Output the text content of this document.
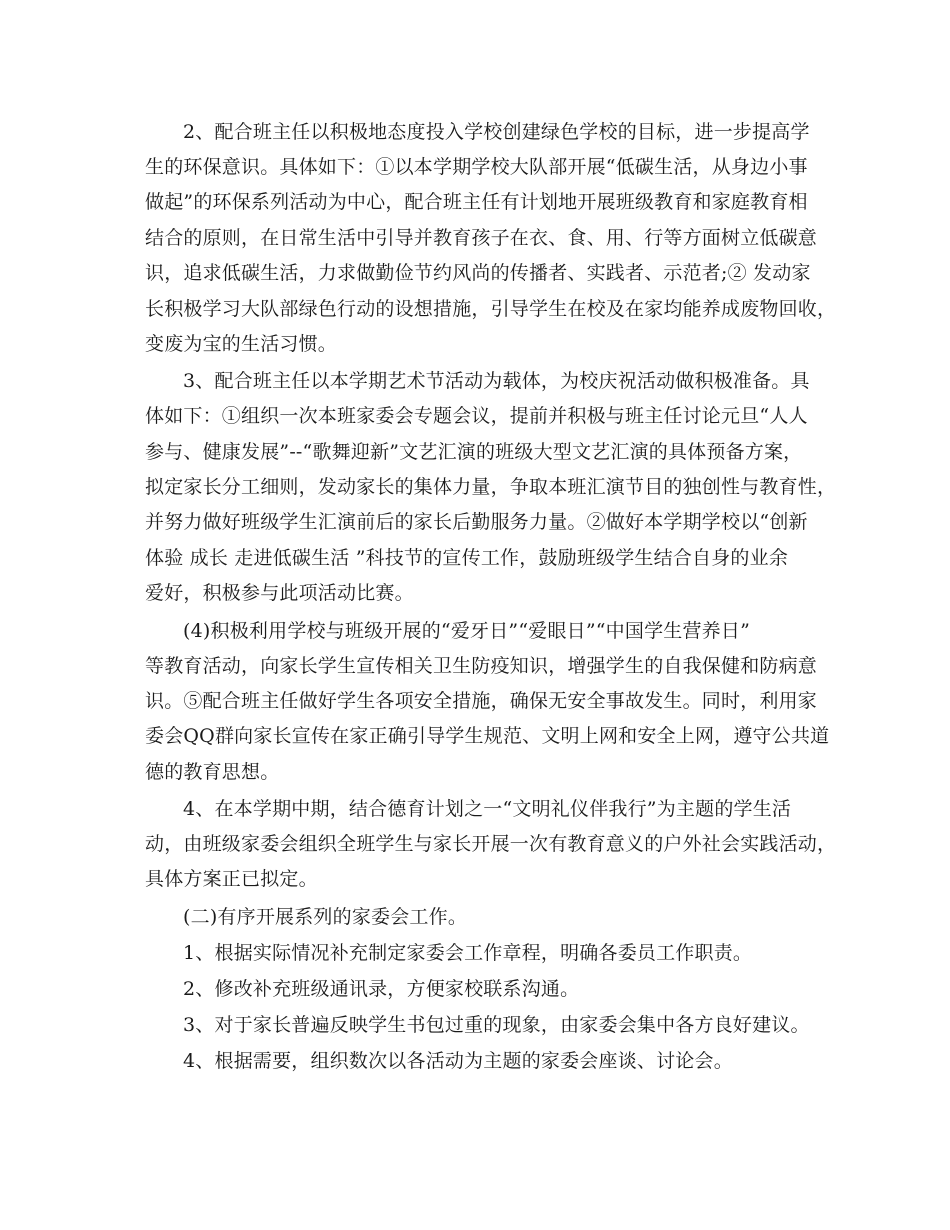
2、配合班主任以积极地态度投入学校创建绿色学校的目标，进一步提高学
生的环保意识。具体如下：①以本学期学校大队部开展“低碳生活，从身边小事
做起”的环保系列活动为中心，配合班主任有计划地开展班级教育和家庭教育相
结合的原则，在日常生活中引导并教育孩子在衣、食、用、行等方面树立低碳意
识，追求低碳生活，力求做勤俭节约风尚的传播者、实践者、示范者;② 发动家
长积极学习大队部绿色行动的设想措施，引导学生在校及在家均能养成废物回收，
变废为宝的生活习惯。
3、配合班主任以本学期艺术节活动为载体，为校庆祝活动做积极准备。具
体如下：①组织一次本班家委会专题会议，提前并积极与班主任讨论元旦“人人
参与、健康发展”--“歌舞迎新”文艺汇演的班级大型文艺汇演的具体预备方案，
拟定家长分工细则，发动家长的集体力量，争取本班汇演节目的独创性与教育性，
并努力做好班级学生汇演前后的家长后勤服务力量。②做好本学期学校以“创新
体验 成长 走进低碳生活 ”科技节的宣传工作，鼓励班级学生结合自身的业余
爱好，积极参与此项活动比赛。
(4)积极利用学校与班级开展的“爱牙日”“爱眼日”“中国学生营养日”
等教育活动，向家长学生宣传相关卫生防疫知识，增强学生的自我保健和防病意
识。⑤配合班主任做好学生各项安全措施，确保无安全事故发生。同时，利用家
委会QQ群向家长宣传在家正确引导学生规范、文明上网和安全上网，遵守公共道
德的教育思想。
4、在本学期中期，结合德育计划之一“文明礼仪伴我行”为主题的学生活
动，由班级家委会组织全班学生与家长开展一次有教育意义的户外社会实践活动，
具体方案正已拟定。
(二)有序开展系列的家委会工作。
1、根据实际情况补充制定家委会工作章程，明确各委员工作职责。
2、修改补充班级通讯录，方便家校联系沟通。
3、对于家长普遍反映学生书包过重的现象，由家委会集中各方良好建议。
4、根据需要，组织数次以各活动为主题的家委会座谈、讨论会。
